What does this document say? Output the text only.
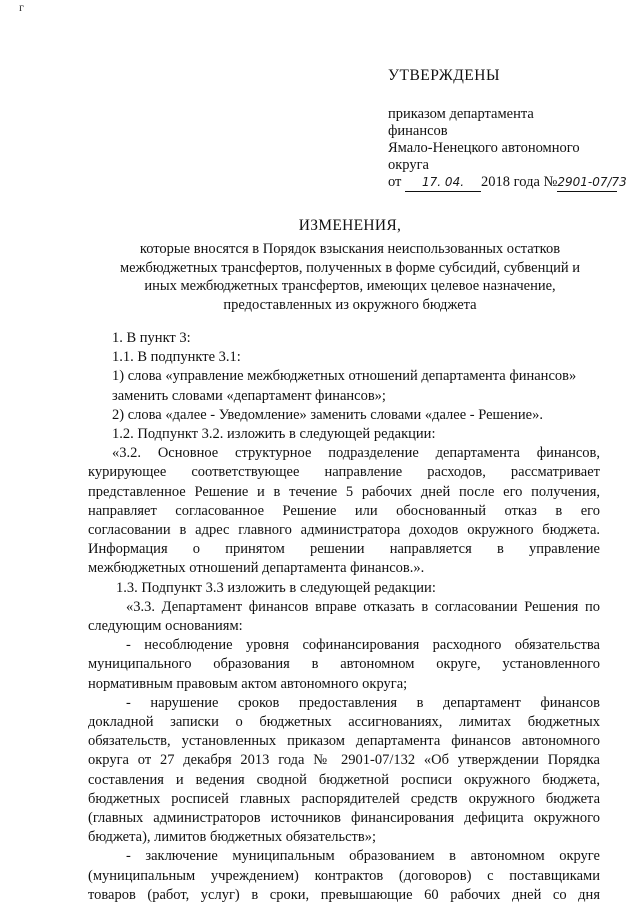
г
УТВЕРЖДЕНЫ
приказом департамента
финансов
Ямало-Ненецкого автономного
округа
от 17. 04. 2018 года №2901-07/73
ИЗМЕНЕНИЯ,
которые вносятся в Порядок взыскания неиспользованных остатков
межбюджетных трансфертов, полученных в форме субсидий, субвенций и
иных межбюджетных трансфертов, имеющих целевое назначение,
предоставленных из окружного бюджета
1. В пункт 3:
1.1. В подпункте 3.1:
1) слова «управление межбюджетных отношений департамента финансов»
заменить словами «департамент финансов»;
2) слова «далее - Уведомление» заменить словами «далее - Решение».
1.2. Подпункт 3.2. изложить в следующей редакции:
«3.2. Основное структурное подразделение департамента финансов,
курирующее соответствующее направление расходов, рассматривает
представленное Решение и в течение 5 рабочих дней после его получения,
направляет согласованное Решение или обоснованный отказ в его
согласовании в адрес главного администратора доходов окружного бюджета.
Информация о принятом решении направляется в управление
межбюджетных отношений департамента финансов.».
1.3. Подпункт 3.3 изложить в следующей редакции:
«3.3. Департамент финансов вправе отказать в согласовании Решения по
следующим основаниям:
- несоблюдение уровня софинансирования расходного обязательства
муниципального образования в автономном округе, установленного
нормативным правовым актом автономного округа;
- нарушение сроков предоставления в департамент финансов
докладной записки о бюджетных ассигнованиях, лимитах бюджетных
обязательств, установленных приказом департамента финансов автономного
округа от 27 декабря 2013 года № 2901-07/132 «Об утверждении Порядка
составления и ведения сводной бюджетной росписи окружного бюджета,
бюджетных росписей главных распорядителей средств окружного бюджета
(главных администраторов источников финансирования дефицита окружного
бюджета), лимитов бюджетных обязательств»;
- заключение муниципальным образованием в автономном округе
(муниципальным учреждением) контрактов (договоров) с поставщиками
товаров (работ, услуг) в сроки, превышающие 60 рабочих дней со дня
